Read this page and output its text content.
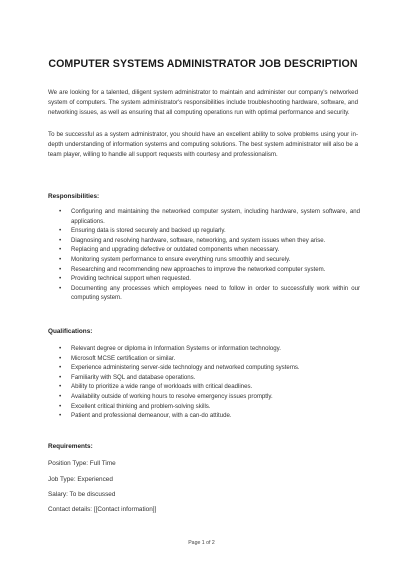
COMPUTER SYSTEMS ADMINISTRATOR JOB DESCRIPTION

We are looking for a talented, diligent system administrator to maintain and administer our company's networked system of computers. The system administrator's responsibilities include troubleshooting hardware, software, and networking issues, as well as ensuring that all computing operations run with optimal performance and security.

To be successful as a system administrator, you should have an excellent ability to solve problems using your in-depth understanding of information systems and computing solutions. The best system administrator will also be a team player, willing to handle all support requests with courtesy and professionalism.

Responsibilities:

• Configuring and maintaining the networked computer system, including hardware, system software, and applications.
• Ensuring data is stored securely and backed up regularly.
• Diagnosing and resolving hardware, software, networking, and system issues when they arise.
• Replacing and upgrading defective or outdated components when necessary.
• Monitoring system performance to ensure everything runs smoothly and securely.
• Researching and recommending new approaches to improve the networked computer system.
• Providing technical support when requested.
• Documenting any processes which employees need to follow in order to successfully work within our computing system.

Qualifications:

• Relevant degree or diploma in Information Systems or information technology.
• Microsoft MCSE certification or similar.
• Experience administering server-side technology and networked computing systems.
• Familiarity with SQL and database operations.
• Ability to prioritize a wide range of workloads with critical deadlines.
• Availability outside of working hours to resolve emergency issues promptly.
• Excellent critical thinking and problem-solving skills.
• Patient and professional demeanour, with a can-do attitude.

Requirements:

Position Type: Full Time

Job Type: Experienced

Salary: To be discussed

Contact details: [[Contact information]]

Page 1 of 2
